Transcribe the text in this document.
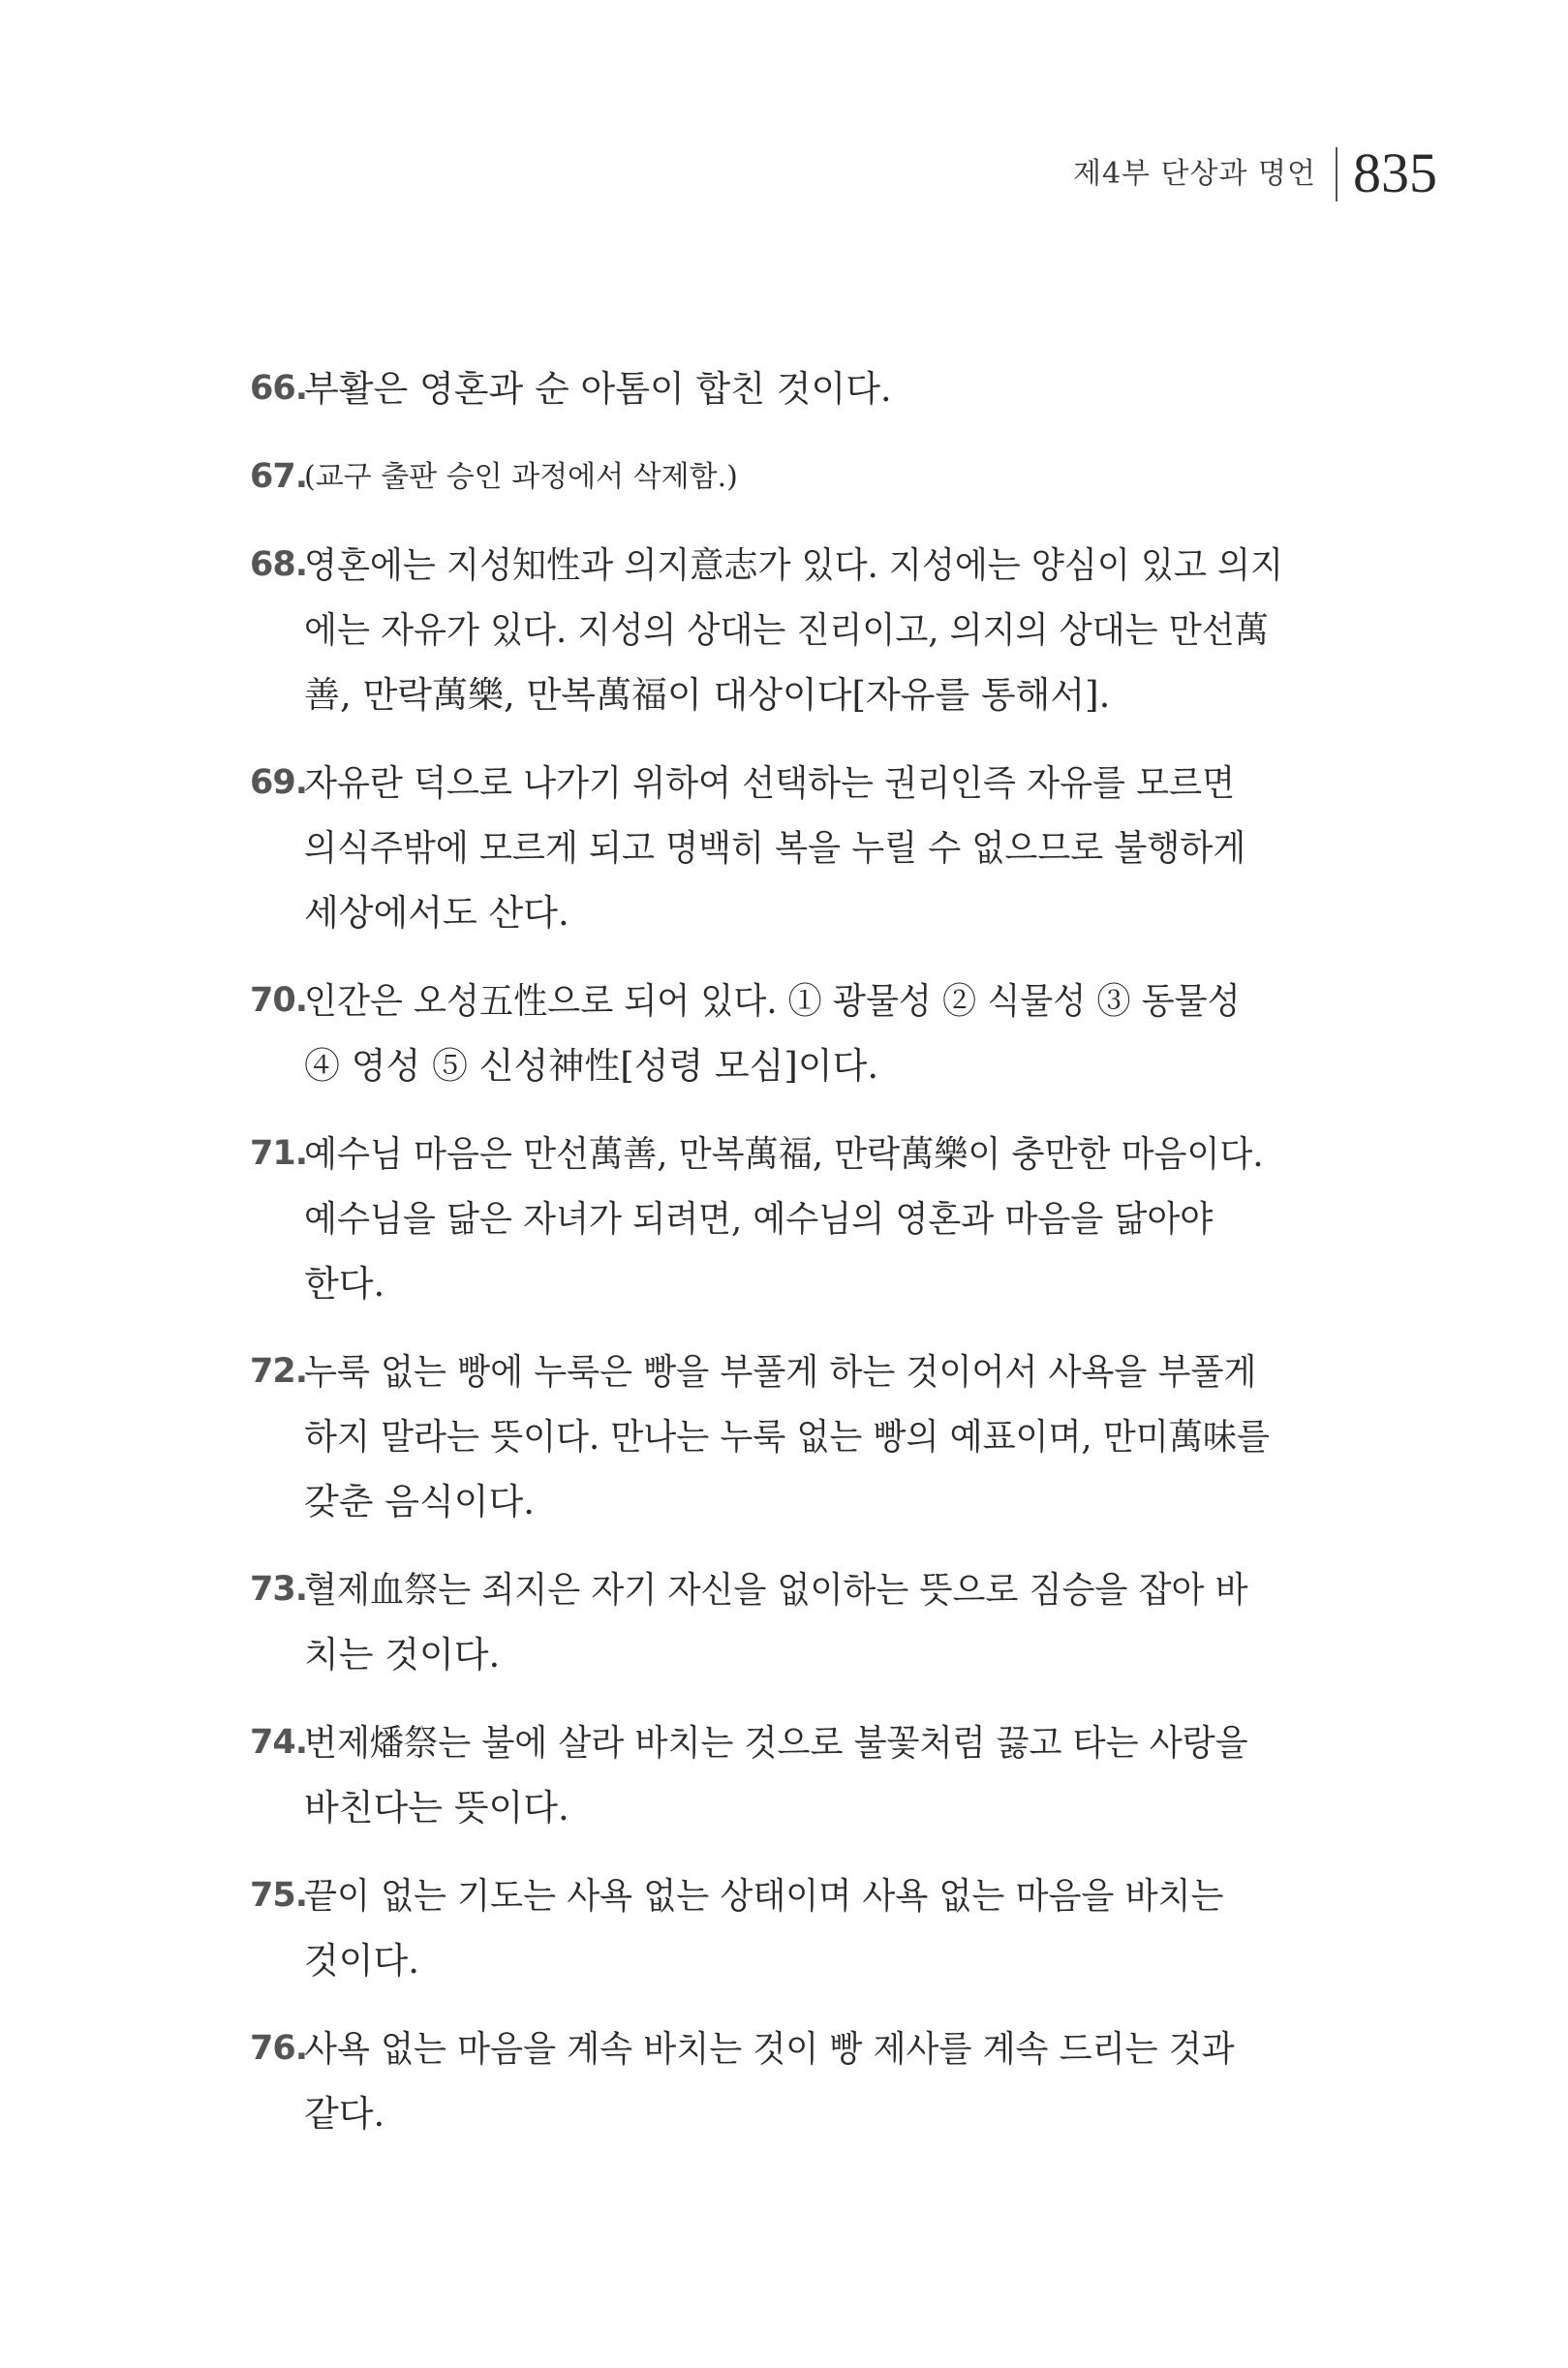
제4부 단상과 명언 835
66.
부활은 영혼과 순 아톰이 합친 것이다.
67.
(교구 출판 승인 과정에서 삭제함.)
68.
영혼에는 지성知性과 의지意志가 있다. 지성에는 양심이 있고 의지
에는 자유가 있다. 지성의 상대는 진리이고, 의지의 상대는 만선萬
善, 만락萬樂, 만복萬福이 대상이다[자유를 통해서].
69.
자유란 덕으로 나가기 위하여 선택하는 권리인즉 자유를 모르면
의식주밖에 모르게 되고 명백히 복을 누릴 수 없으므로 불행하게
세상에서도 산다.
70.
인간은 오성五性으로 되어 있다. ① 광물성 ② 식물성 ③ 동물성
④ 영성 ⑤ 신성神性[성령 모심]이다.
71.
예수님 마음은 만선萬善, 만복萬福, 만락萬樂이 충만한 마음이다.
예수님을 닮은 자녀가 되려면, 예수님의 영혼과 마음을 닮아야
한다.
72.
누룩 없는 빵에 누룩은 빵을 부풀게 하는 것이어서 사욕을 부풀게
하지 말라는 뜻이다. 만나는 누룩 없는 빵의 예표이며, 만미萬味를
갖춘 음식이다.
73.
혈제血祭는 죄지은 자기 자신을 없이하는 뜻으로 짐승을 잡아 바
치는 것이다.
74.
번제燔祭는 불에 살라 바치는 것으로 불꽃처럼 끓고 타는 사랑을
바친다는 뜻이다.
75.
끝이 없는 기도는 사욕 없는 상태이며 사욕 없는 마음을 바치는
것이다.
76.
사욕 없는 마음을 계속 바치는 것이 빵 제사를 계속 드리는 것과
같다.
